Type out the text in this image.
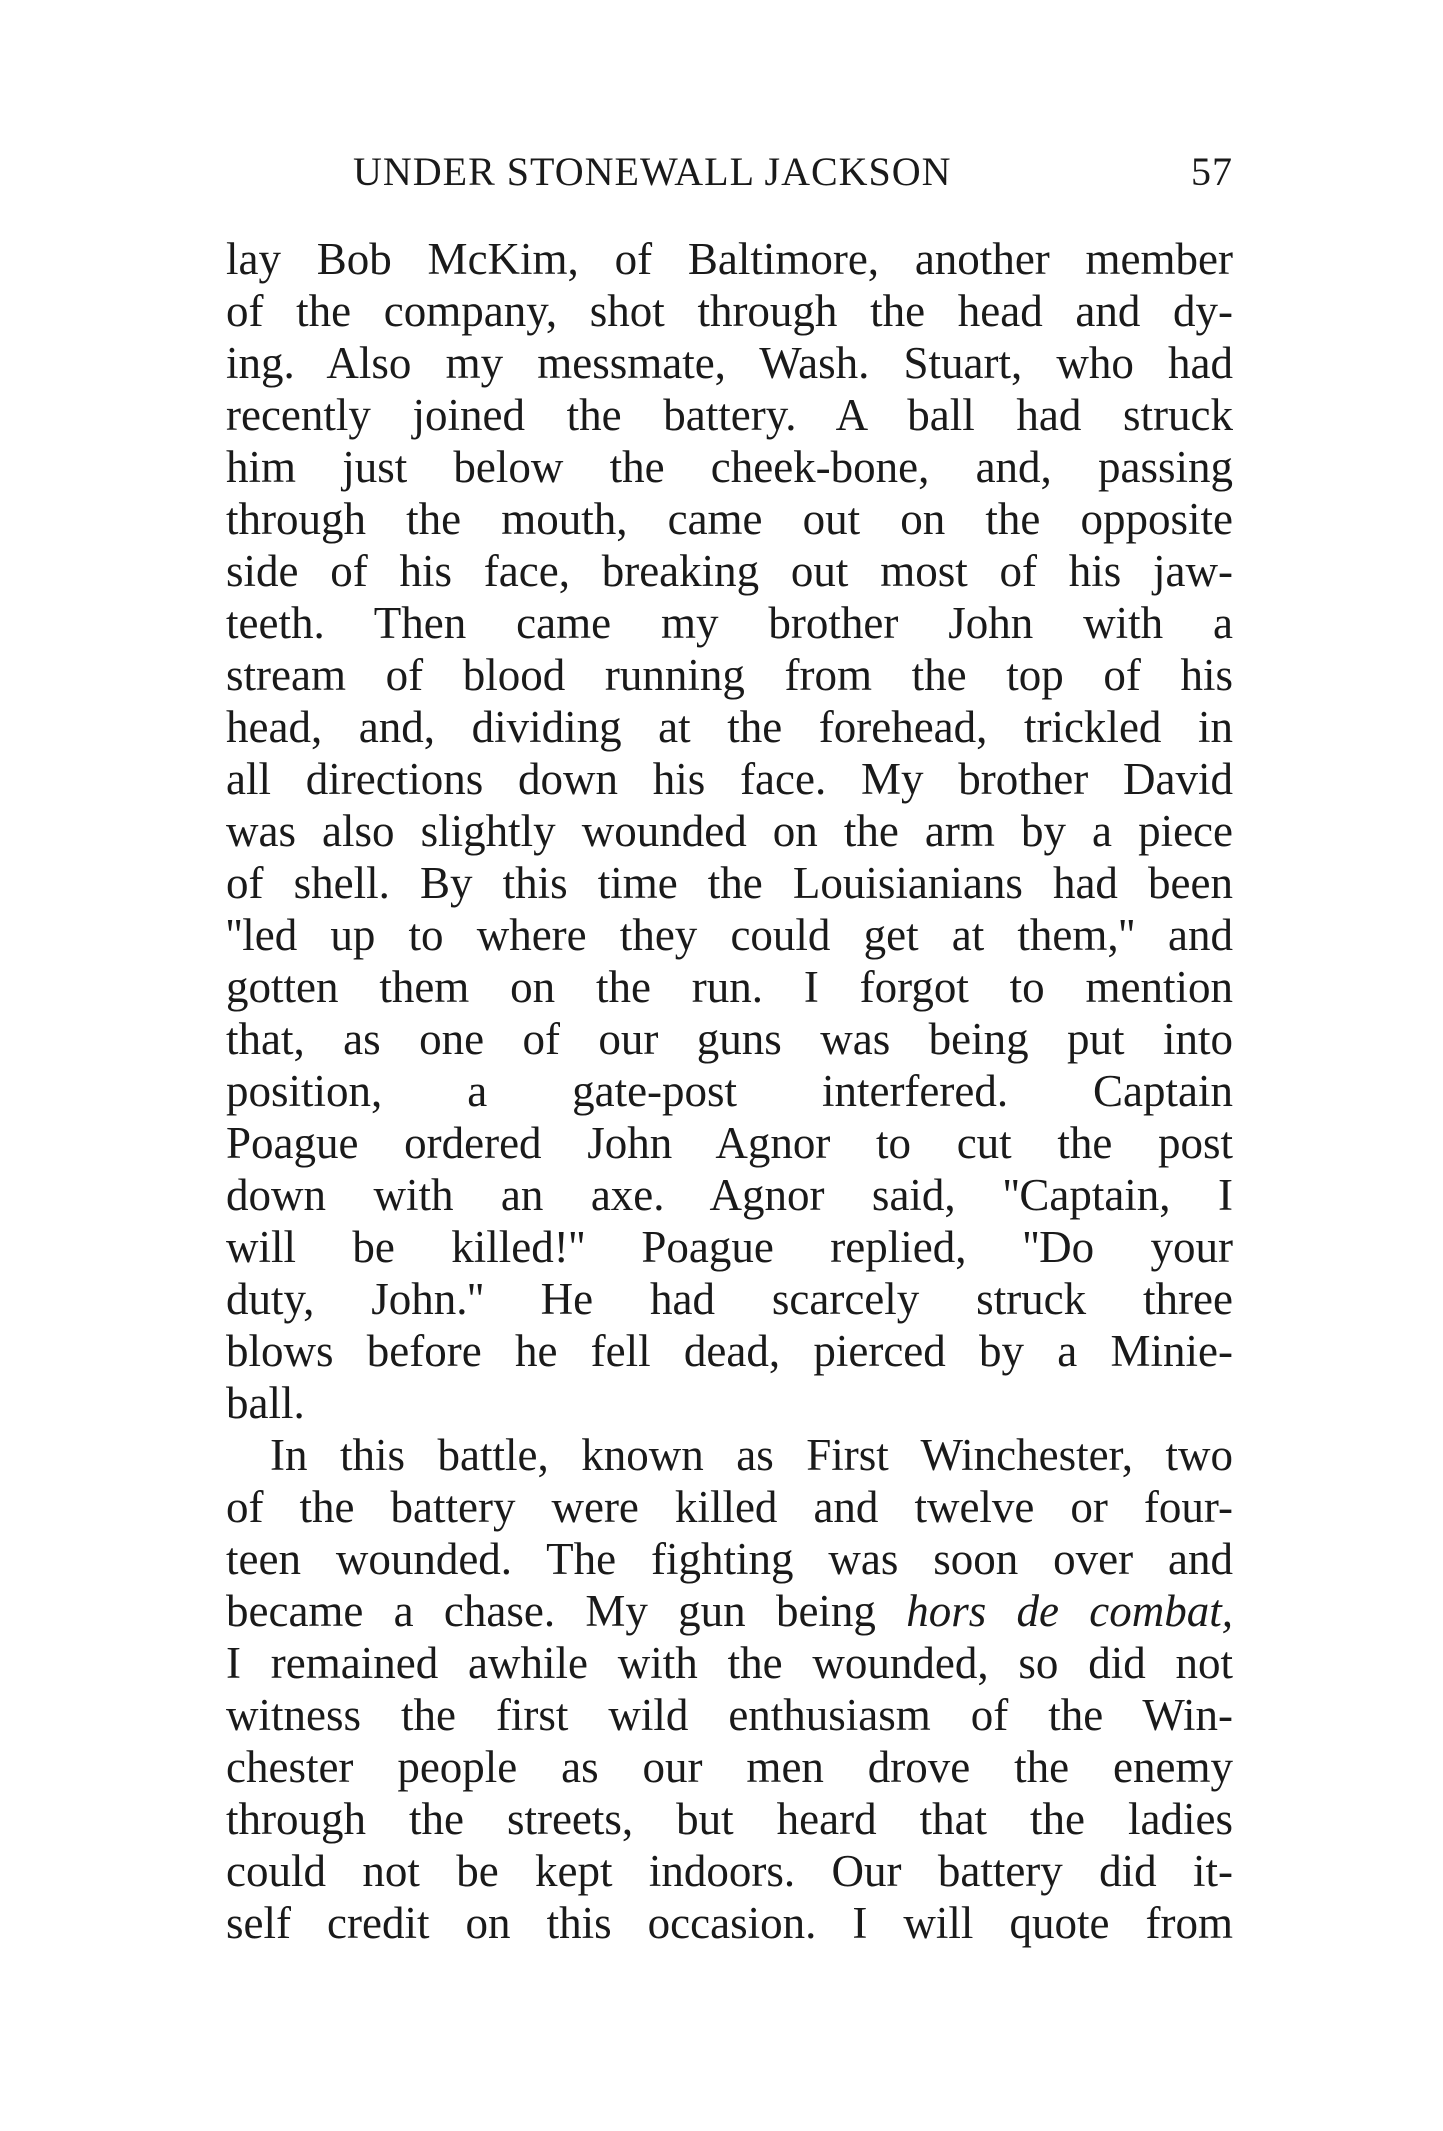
UNDER STONEWALL JACKSON	57
lay Bob McKim, of Baltimore, another member
of the company, shot through the head and dy-
ing. Also my messmate, Wash. Stuart, who had
recently joined the battery. A ball had struck
him just below the cheek-bone, and, passing
through the mouth, came out on the opposite
side of his face, breaking out most of his jaw-
teeth. Then came my brother John with a
stream of blood running from the top of his
head, and, dividing at the forehead, trickled in
all directions down his face. My brother David
was also slightly wounded on the arm by a piece
of shell. By this time the Louisianians had been
''led up to where they could get at them,'' and
gotten them on the run. I forgot to mention
that, as one of our guns was being put into
position, a gate-post interfered. Captain
Poague ordered John Agnor to cut the post
down with an axe. Agnor said, ''Captain, I
will be killed!'' Poague replied, ''Do your
duty, John.'' He had scarcely struck three
blows before he fell dead, pierced by a Minie-
ball.
In this battle, known as First Winchester, two
of the battery were killed and twelve or four-
teen wounded. The fighting was soon over and
became a chase. My gun being hors de combat,
I remained awhile with the wounded, so did not
witness the first wild enthusiasm of the Win-
chester people as our men drove the enemy
through the streets, but heard that the ladies
could not be kept indoors. Our battery did it-
self credit on this occasion. I will quote from
